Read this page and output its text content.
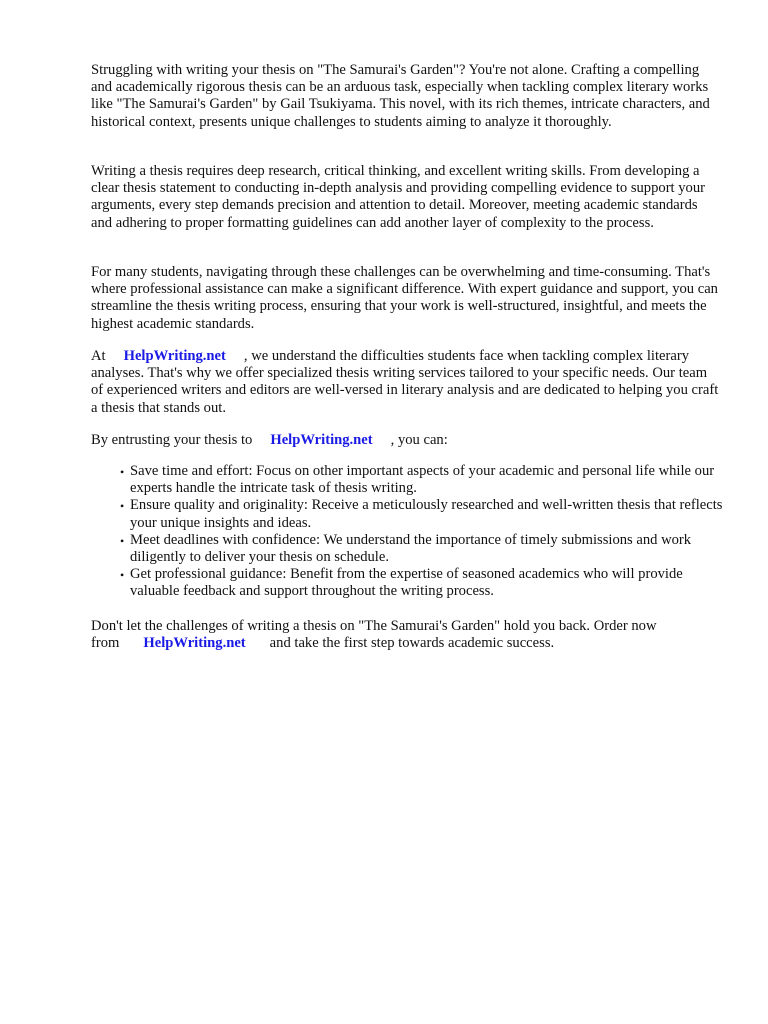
Struggling with writing your thesis on "The Samurai's Garden"? You're not alone. Crafting a compelling and academically rigorous thesis can be an arduous task, especially when tackling complex literary works like "The Samurai's Garden" by Gail Tsukiyama. This novel, with its rich themes, intricate characters, and historical context, presents unique challenges to students aiming to analyze it thoroughly.

Writing a thesis requires deep research, critical thinking, and excellent writing skills. From developing a clear thesis statement to conducting in-depth analysis and providing compelling evidence to support your arguments, every step demands precision and attention to detail. Moreover, meeting academic standards and adhering to proper formatting guidelines can add another layer of complexity to the process.

For many students, navigating through these challenges can be overwhelming and time-consuming. That's where professional assistance can make a significant difference. With expert guidance and support, you can streamline the thesis writing process, ensuring that your work is well-structured, insightful, and meets the highest academic standards.

At HelpWriting.net , we understand the difficulties students face when tackling complex literary analyses. That's why we offer specialized thesis writing services tailored to your specific needs. Our team of experienced writers and editors are well-versed in literary analysis and are dedicated to helping you craft a thesis that stands out.

By entrusting your thesis to HelpWriting.net , you can:

• Save time and effort: Focus on other important aspects of your academic and personal life while our experts handle the intricate task of thesis writing.
• Ensure quality and originality: Receive a meticulously researched and well-written thesis that reflects your unique insights and ideas.
• Meet deadlines with confidence: We understand the importance of timely submissions and work diligently to deliver your thesis on schedule.
• Get professional guidance: Benefit from the expertise of seasoned academics who will provide valuable feedback and support throughout the writing process.

Don't let the challenges of writing a thesis on "The Samurai's Garden" hold you back. Order now from HelpWriting.net and take the first step towards academic success.
